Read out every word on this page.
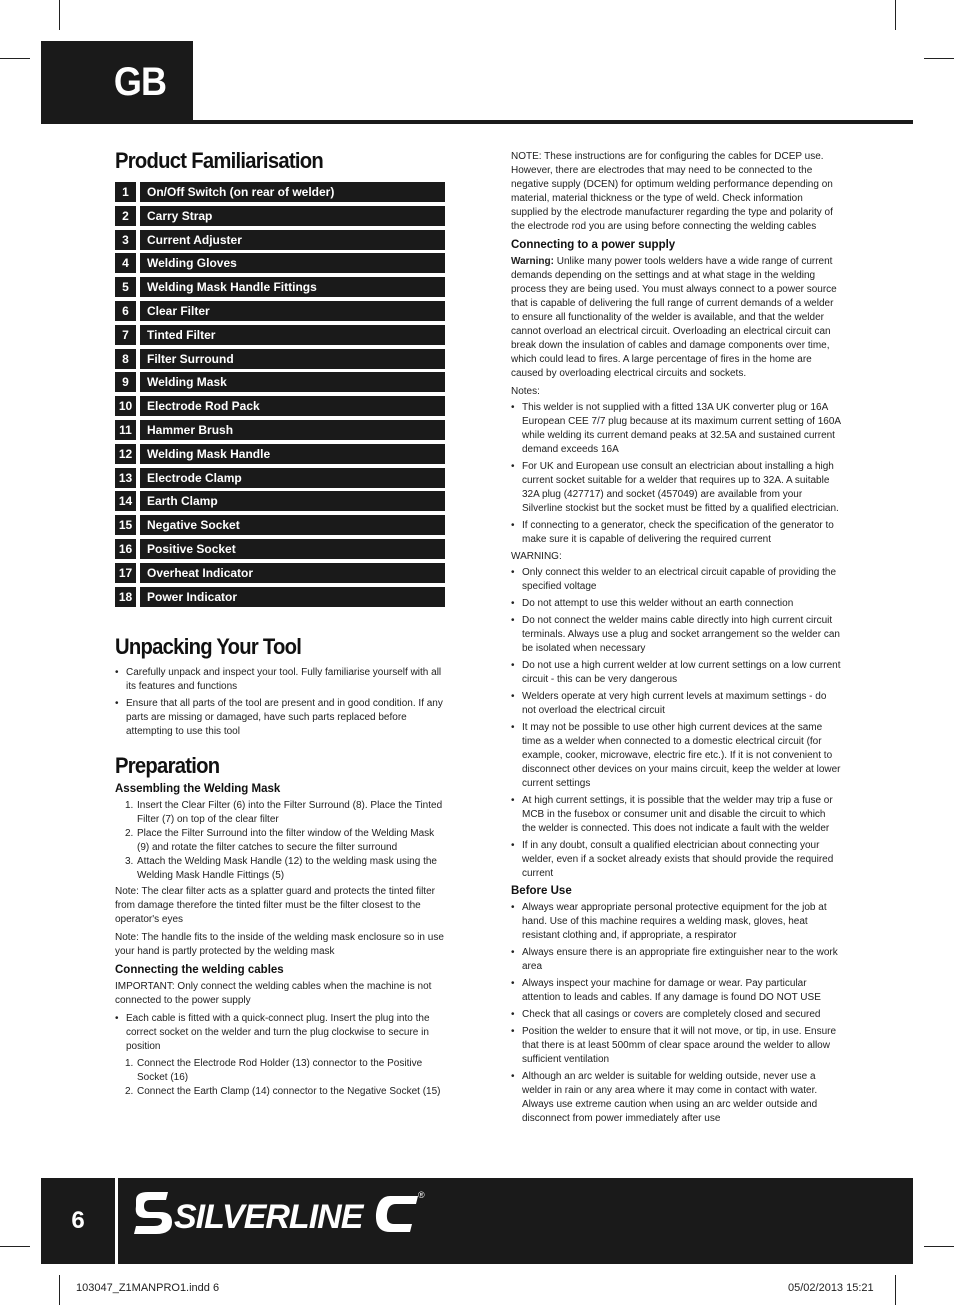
GB
Product Familiarisation
1	On/Off Switch (on rear of welder)
2	Carry Strap
3	Current Adjuster
4	Welding Gloves
5	Welding Mask Handle Fittings
6	Clear Filter
7	Tinted Filter
8	Filter Surround
9	Welding Mask
10	Electrode Rod Pack
11	Hammer Brush
12	Welding Mask Handle
13	Electrode Clamp
14	Earth Clamp
15	Negative Socket
16	Positive Socket
17	Overheat Indicator
18	Power Indicator
Unpacking Your Tool
• Carefully unpack and inspect your tool. Fully familiarise yourself with all its features and functions
• Ensure that all parts of the tool are present and in good condition. If any parts are missing or damaged, have such parts replaced before attempting to use this tool
Preparation
Assembling the Welding Mask
1. Insert the Clear Filter (6) into the Filter Surround (8). Place the Tinted Filter (7) on top of the clear filter
2. Place the Filter Surround into the filter window of the Welding Mask (9) and rotate the filter catches to secure the filter surround
3. Attach the Welding Mask Handle (12) to the welding mask using the Welding Mask Handle Fittings (5)

Note: The clear filter acts as a splatter guard and protects the tinted filter from damage therefore the tinted filter must be the filter closest to the operator's eyes

Note: The handle fits to the inside of the welding mask enclosure so in use your hand is partly protected by the welding mask

Connecting the welding cables

IMPORTANT: Only connect the welding cables when the machine is not connected to the power supply

• Each cable is fitted with a quick-connect plug. Insert the plug into the correct socket on the welder and turn the plug clockwise to secure in position
1. Connect the Electrode Rod Holder (13) connector to the Positive Socket (16)
2. Connect the Earth Clamp (14) connector to the Negative Socket (15)

NOTE: These instructions are for configuring the cables for DCEP use. However, there are electrodes that may need to be connected to the negative supply (DCEN) for optimum welding performance depending on material, material thickness or the type of weld. Check information supplied by the electrode manufacturer regarding the type and polarity of the electrode rod you are using before connecting the welding cables

Connecting to a power supply

Warning: Unlike many power tools welders have a wide range of current demands depending on the settings and at what stage in the welding process they are being used. You must always connect to a power source that is capable of delivering the full range of current demands of a welder to ensure all functionality of the welder is available, and that the welder cannot overload an electrical circuit. Overloading an electrical circuit can break down the insulation of cables and damage components over time, which could lead to fires. A large percentage of fires in the home are caused by overloading electrical circuits and sockets.

Notes:

• This welder is not supplied with a fitted 13A UK converter plug or 16A European CEE 7/7 plug because at its maximum current setting of 160A while welding its current demand peaks at 32.5A and sustained current demand exceeds 16A
• For UK and European use consult an electrician about installing a high current socket suitable for a welder that requires up to 32A. A suitable 32A plug (427717) and socket (457049) are available from your Silverline stockist but the socket must be fitted by a qualified electrician.
• If connecting to a generator, check the specification of the generator to make sure it is capable of delivering the required current

WARNING:

• Only connect this welder to an electrical circuit capable of providing the specified voltage
• Do not attempt to use this welder without an earth connection
• Do not connect the welder mains cable directly into high current circuit terminals. Always use a plug and socket arrangement so the welder can be isolated when necessary
• Do not use a high current welder at low current settings on a low current circuit - this can be very dangerous
• Welders operate at very high current levels at maximum settings - do not overload the electrical circuit
• It may not be possible to use other high current devices at the same time as a welder when connected to a domestic electrical circuit (for example, cooker, microwave, electric fire etc.). If it is not convenient to disconnect other devices on your mains circuit, keep the welder at lower current settings
• At high current settings, it is possible that the welder may trip a fuse or MCB in the fusebox or consumer unit and disable the circuit to which the welder is connected. This does not indicate a fault with the welder
• If in any doubt, consult a qualified electrician about connecting your welder, even if a socket already exists that should provide the required current
Before Use
• Always wear appropriate personal protective equipment for the job at hand. Use of this machine requires a welding mask, gloves, heat resistant clothing and, if appropriate, a respirator
• Always ensure there is an appropriate fire extinguisher near to the work area
• Always inspect your machine for damage or wear. Pay particular attention to leads and cables. If any damage is found DO NOT USE
• Check that all casings or covers are completely closed and secured
• Position the welder to ensure that it will not move, or tip, in use. Ensure that there is at least 500mm of clear space around the welder to allow sufficient ventilation
• Although an arc welder is suitable for welding outside, never use a welder in rain or any area where it may come in contact with water. Always use extreme caution when using an arc welder outside and disconnect from power immediately after use
6	SILVERLINE
®
103047_Z1MANPRO1.indd 6	05/02/2013 15:21
